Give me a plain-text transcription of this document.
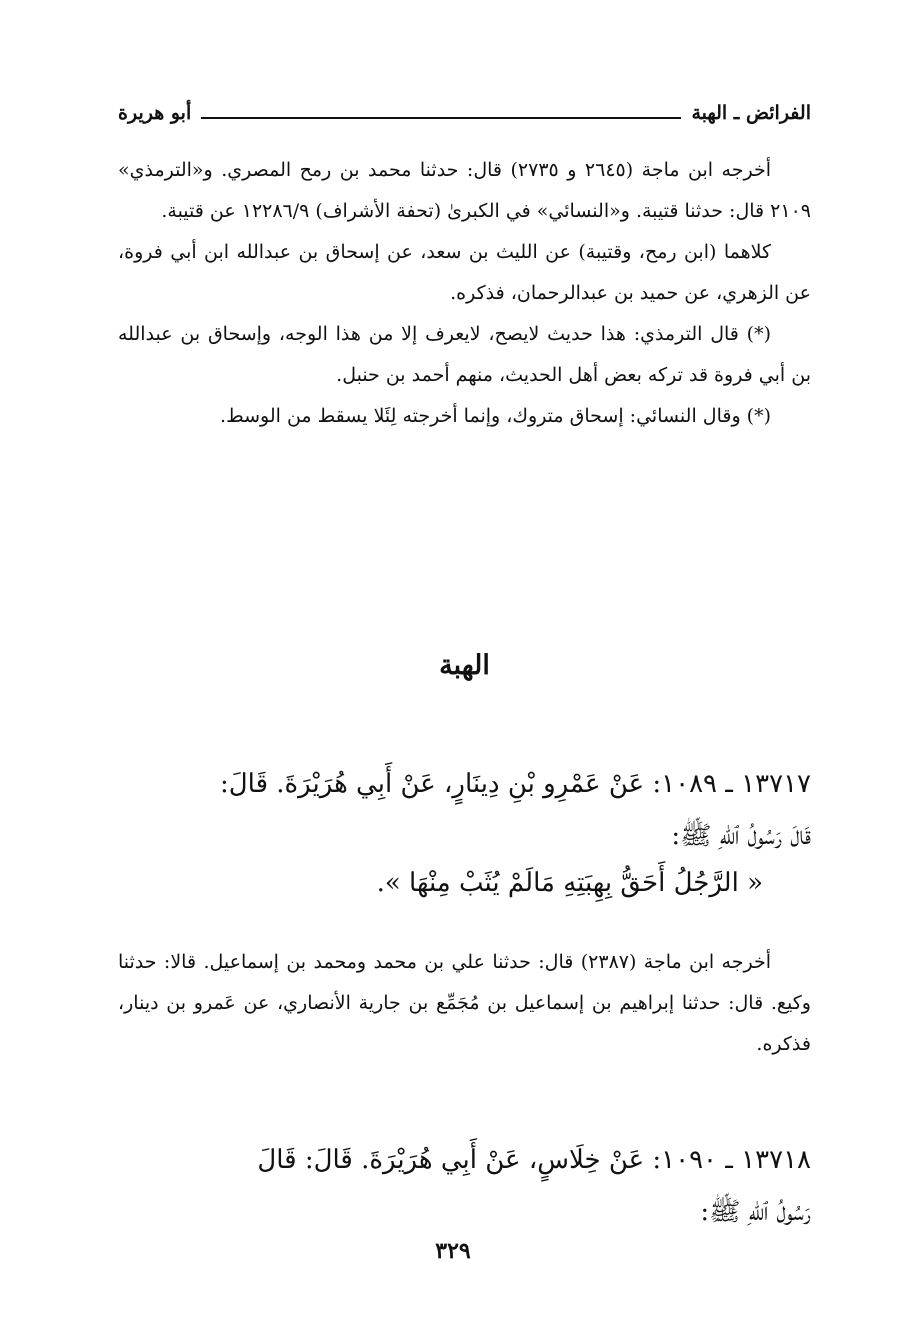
الفرائض ـ الهبة
أبو هريرة

أخرجه ابن ماجة (٢٦٤٥ و ٢٧٣٥) قال: حدثنا محمد بن رمح المصري. و«الترمذي» ٢١٠٩ قال: حدثنا قتيبة. و«النسائي» في الكبرىٰ (تحفة الأشراف) ١٢٢٨٦/٩ عن قتيبة.

كلاهما (ابن رمح، وقتيبة) عن الليث بن سعد، عن إسحاق بن عبدالله ابن أبي فروة، عن الزهري، عن حميد بن عبدالرحمان، فذكره.

(*) قال الترمذي: هذا حديث لايصح، لايعرف إلا من هذا الوجه، وإسحاق بن عبدالله بن أبي فروة قد تركه بعض أهل الحديث، منهم أحمد بن حنبل.

(*) وقال النسائي: إسحاق متروك، وإنما أخرجته لِئَلا يسقط من الوسط.

الهبة

١٣٧١٧ ـ ١٠٨٩: عَنْ عَمْرِو بْنِ دِينَارٍ، عَنْ أَبِي هُرَيْرَةَ. قَالَ:

قَالَ رَسُولُ ٱللهِ ﷺ:

« الرَّجُلُ أَحَقُّ بِهِبَتِهِ مَالَمْ يُثَبْ مِنْهَا ».

أخرجه ابن ماجة (٢٣٨٧) قال: حدثنا علي بن محمد ومحمد بن إسماعيل. قالا: حدثنا وكيع. قال: حدثنا إبراهيم بن إسماعيل بن مُجَمِّع بن جارية الأنصاري، عن عَمرو بن دينار، فذكره.

١٣٧١٨ ـ ١٠٩٠: عَنْ خِلَاسٍ، عَنْ أَبِي هُرَيْرَةَ. قَالَ: قَالَ

رَسُولُ ٱللهِ ﷺ:

٣٢٩
